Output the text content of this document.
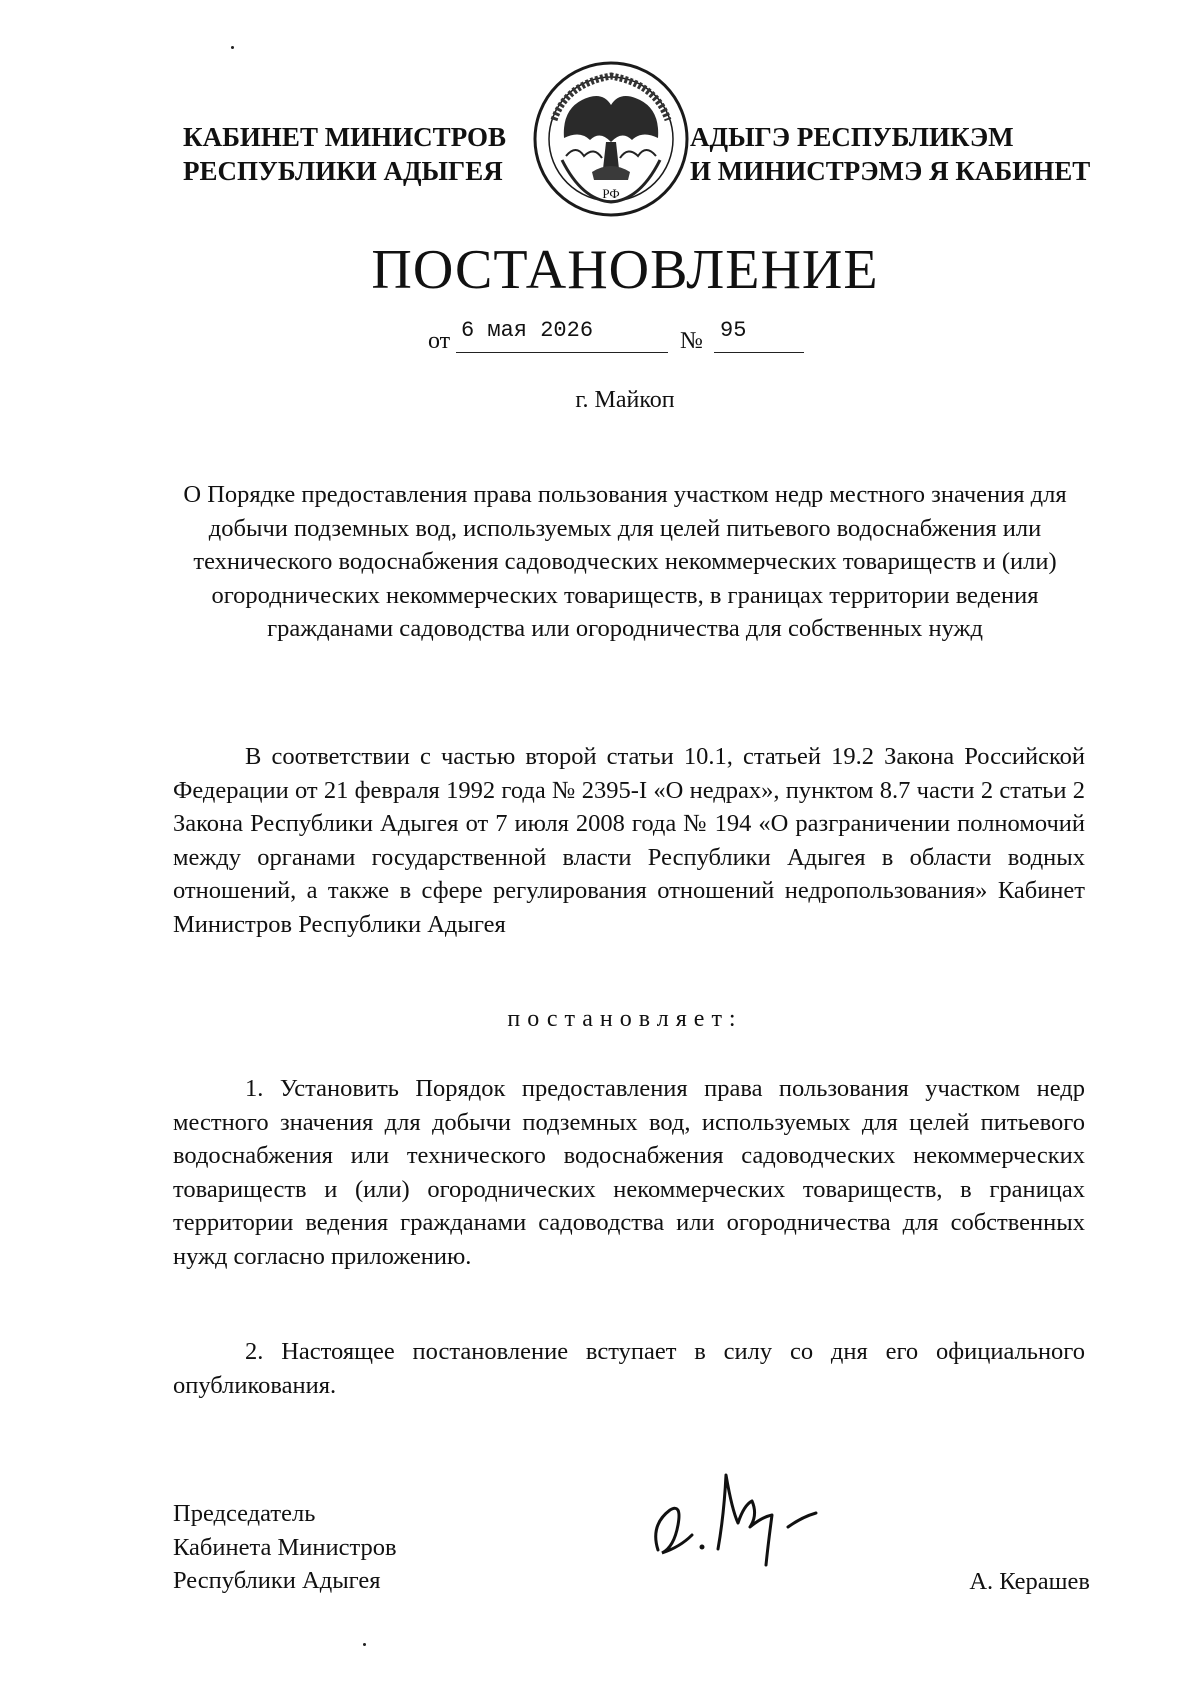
КАБИНЕТ МИНИСТРОВ
РЕСПУБЛИКИ АДЫГЕЯ
РФ
АДЫГЭ РЕСПУБЛИКЭМ
И МИНИСТРЭМЭ Я КАБИНЕТ
ПОСТАНОВЛЕНИЕ
от 6 мая 2026	№ 95
г. Майкоп
О Порядке предоставления права пользования участком недр местного значения для добычи подземных вод, используемых для целей питьевого водоснабжения или технического водоснабжения садоводческих некоммерческих товариществ и (или) огороднических некоммерческих товариществ, в границах территории ведения гражданами садоводства или огородничества для собственных нужд
В соответствии с частью второй статьи 10.1, статьей 19.2 Закона Российской Федерации от 21 февраля 1992 года № 2395-I «О недрах», пунктом 8.7 части 2 статьи 2 Закона Республики Адыгея от 7 июля 2008 года № 194 «О разграничении полномочий между органами государственной власти Республики Адыгея в области водных отношений, а также в сфере регулирования отношений недропользования» Кабинет Министров Республики Адыгея
постановляет:
1. Установить Порядок предоставления права пользования участком недр местного значения для добычи подземных вод, используемых для целей питьевого водоснабжения или технического водоснабжения садоводческих некоммерческих товариществ и (или) огороднических некоммерческих товариществ, в границах территории ведения гражданами садоводства или огородничества для собственных нужд согласно приложению.
2. Настоящее постановление вступает в силу со дня его официального опубликования.
Председатель
Кабинета Министров
Республики Адыгея	А. Керашев
